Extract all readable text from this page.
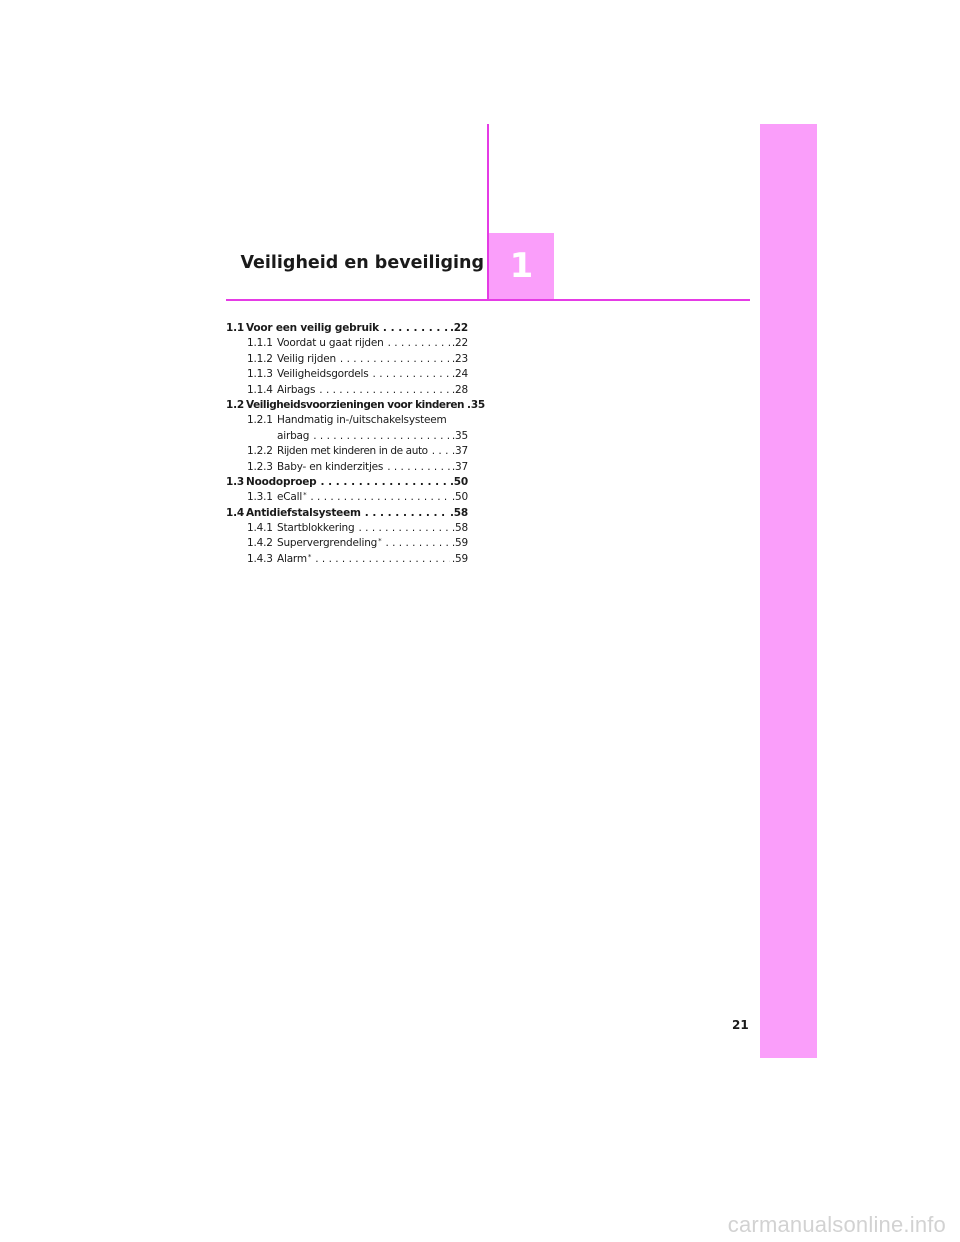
Veiligheid en beveiliging 1
1.1 Voor een veilig gebruik . . .	.22
1.1.1 Voordat u gaat rijden . . .	.22
1.1.2 Veilig rijden . . .	.23
1.1.3 Veiligheidsgordels . . .	.24
1.1.4 Airbags . . .	.28
1.2 Veiligheidsvoorzieningen voor kinderen .35
1.2.1 Handmatig in-/uitschakelsysteem
airbag . . .	.35
1.2.2 Rijden met kinderen in de auto . . . .37
1.2.3 Baby- en kinderzitjes . . .	.37
1.3 Noodoproep . . .	.50
1.3.1 eCall* . . .	.50
1.4 Antidiefstalsysteem . . .	.58
1.4.1 Startblokkering . . .	.58
1.4.2 Supervergrendeling* . . .	.59
1.4.3 Alarm* . . .	.59
21
carmanualsonline.info
